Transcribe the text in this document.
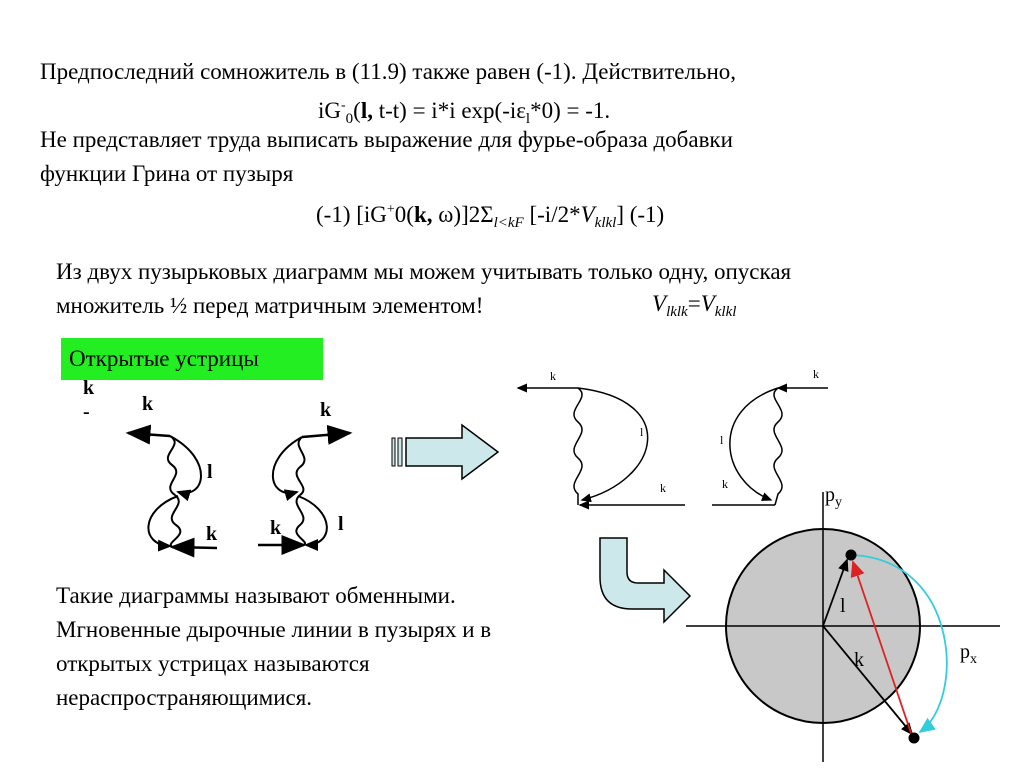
Предпоследний сомножитель в (11.9) также равен (-1). Действительно,
$iG^-_0(l$, t-t) = i*i $\exp(-i\varepsilon_l*0) = -1$.
Не представляет труда выписать выражение для фурье-образа добавки
функции Грина от пузыря
(-1) [iG+0(k, $\omega)]2\Sigma_{l<kF}$ $[-i/2*V_{klkl}]$ (-1)
Из двух пузырьковых диаграмм мы можем учитывать только одну, опуская
множитель ½ перед матричным элементом!	$V_{lklk}=V_{klkl}$
Открытые устрицы
Такие диаграммы называют обменными.
Мгновенные дырочные линии в пузырях и в
открытых устрицах называются
нераспространяющимися.
k
-	k
l
k
k
k	l
k
l
k
k
l
k	$p_y$
$p_x$
l
k
